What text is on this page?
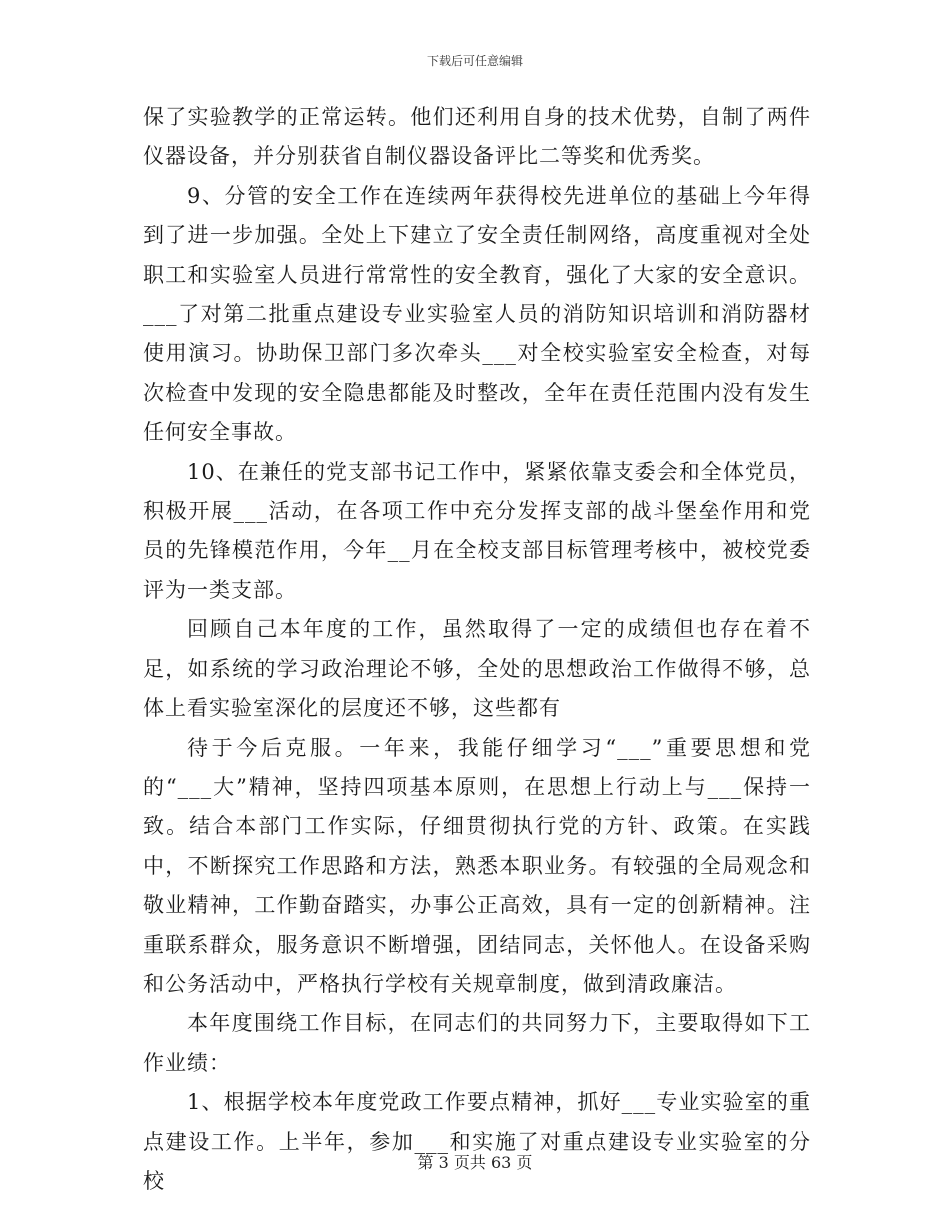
下载后可任意编辑

保了实验教学的正常运转。他们还利用自身的技术优势，自制了两件仪器设备，并分别获省自制仪器设备评比二等奖和优秀奖。

9、分管的安全工作在连续两年获得校先进单位的基础上今年得到了进一步加强。全处上下建立了安全责任制网络，高度重视对全处职工和实验室人员进行常常性的安全教育，强化了大家的安全意识。___了对第二批重点建设专业实验室人员的消防知识培训和消防器材使用演习。协助保卫部门多次牵头___对全校实验室安全检查，对每次检查中发现的安全隐患都能及时整改，全年在责任范围内没有发生任何安全事故。

10、在兼任的党支部书记工作中，紧紧依靠支委会和全体党员，积极开展___活动，在各项工作中充分发挥支部的战斗堡垒作用和党员的先锋模范作用，今年__月在全校支部目标管理考核中，被校党委评为一类支部。

回顾自己本年度的工作，虽然取得了一定的成绩但也存在着不足，如系统的学习政治理论不够，全处的思想政治工作做得不够，总体上看实验室深化的层度还不够，这些都有

待于今后克服。一年来，我能仔细学习“___”重要思想和党的“___大”精神，坚持四项基本原则，在思想上行动上与___保持一致。结合本部门工作实际，仔细贯彻执行党的方针、政策。在实践中，不断探究工作思路和方法，熟悉本职业务。有较强的全局观念和敬业精神，工作勤奋踏实，办事公正高效，具有一定的创新精神。注重联系群众，服务意识不断增强，团结同志，关怀他人。在设备采购和公务活动中，严格执行学校有关规章制度，做到清政廉洁。

本年度围绕工作目标，在同志们的共同努力下，主要取得如下工作业绩：

1、根据学校本年度党政工作要点精神，抓好___专业实验室的重点建设工作。上半年，参加___和实施了对重点建设专业实验室的分校

第 3 页共 63 页
